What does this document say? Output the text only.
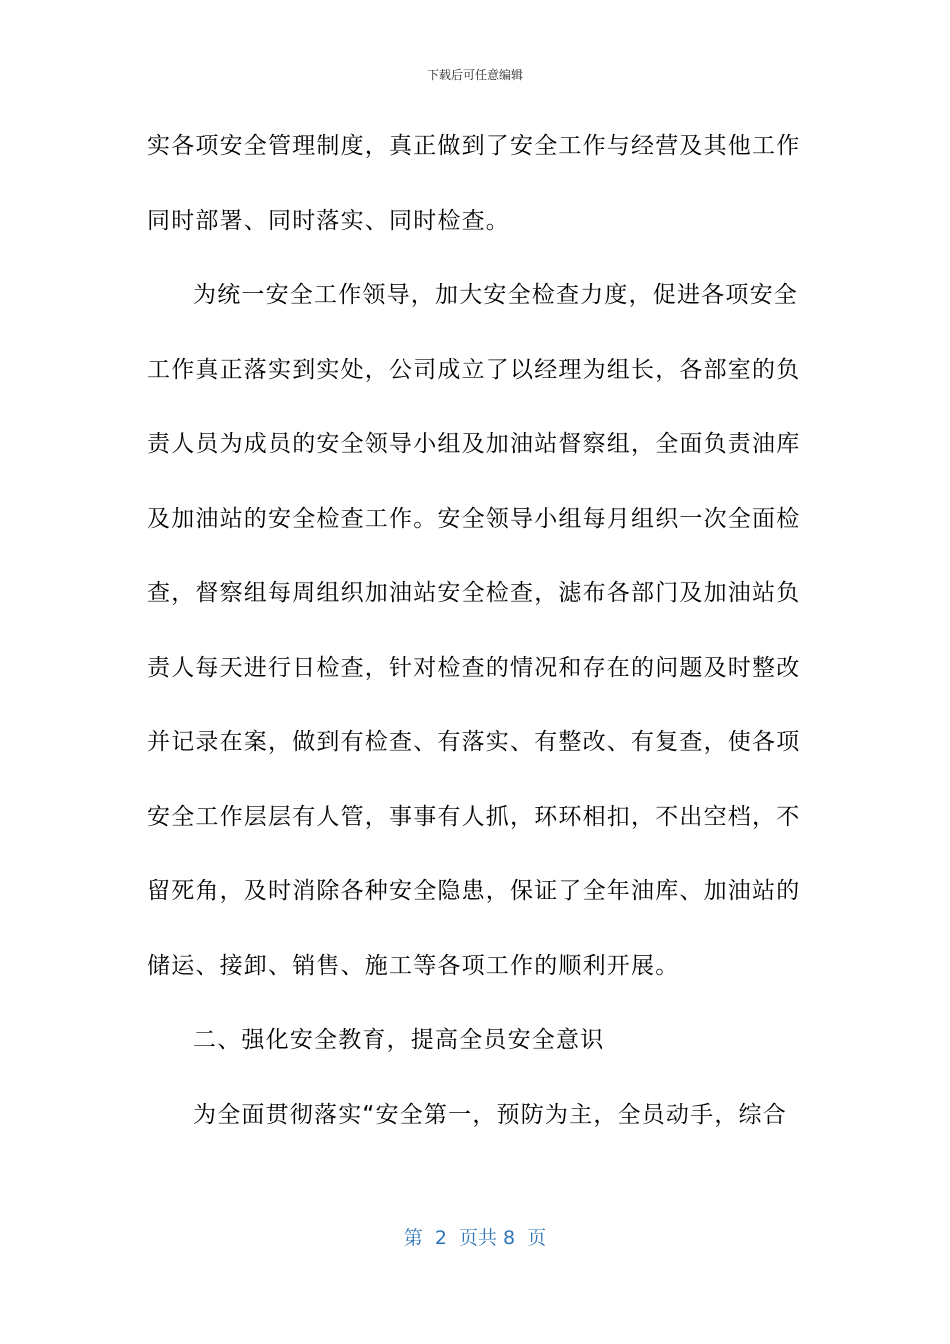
下载后可任意编辑
实各项安全管理制度，真正做到了安全工作与经营及其他工作
同时部署、同时落实、同时检查。
为统一安全工作领导，加大安全检查力度，促进各项安全
工作真正落实到实处，公司成立了以经理为组长，各部室的负
责人员为成员的安全领导小组及加油站督察组，全面负责油库
及加油站的安全检查工作。安全领导小组每月组织一次全面检
查，督察组每周组织加油站安全检查，滤布各部门及加油站负
责人每天进行日检查，针对检查的情况和存在的问题及时整改
并记录在案，做到有检查、有落实、有整改、有复查，使各项
安全工作层层有人管，事事有人抓，环环相扣，不出空档，不
留死角，及时消除各种安全隐患，保证了全年油库、加油站的
储运、接卸、销售、施工等各项工作的顺利开展。
二、强化安全教育，提高全员安全意识
为全面贯彻落实“安全第一，预防为主，全员动手，综合
第  2  页共 8  页
